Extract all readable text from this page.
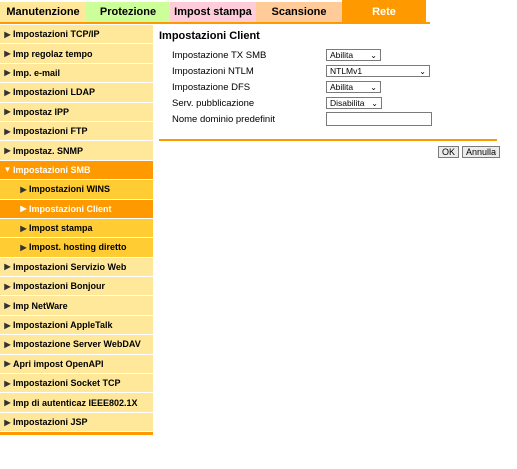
Manutenzione Protezione Impost stampa Scansione	Rete
▶ Impostazioni TCP/IP
▶ Imp regolaz tempo
▶ Imp. e-mail
▶ Impostazioni LDAP
▶ Impostaz IPP
▶ Impostazioni FTP
▶ Impostaz. SNMP
▼ Impostazioni SMB
▶ Impostazioni WINS
▶ Impostazioni Client
▶ Impost stampa
▶ Impost. hosting diretto
▶ Impostazioni Servizio Web
▶ Impostazioni Bonjour
▶ Imp NetWare
▶ Impostazioni AppleTalk
▶ Impostazione Server WebDAV
▶ Apri impost OpenAPI
▶ Impostazioni Socket TCP
▶ Imp di autenticaz IEEE802.1X
▶ Impostazioni JSP
Impostazioni Client
Impostazione TX SMB	Abilita ⌄
Impostazioni NTLM	NTLMv1	⌄
Impostazione DFS	Abilita ⌄
Serv. pubblicazione	Disabilita ⌄
Nome dominio predefinit
OK	Annulla
